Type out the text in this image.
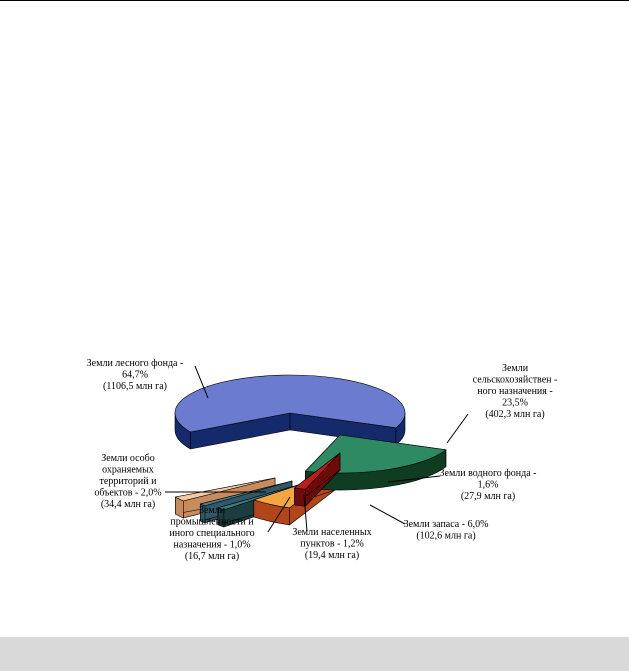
Земли лесного фонда -64,7% (1106,5 млн га)
Земли сельскохозяйствен -ного назначения -23,5% (402,3 млн га)
Земли водного фонда -1,6% (27,9 млн га)
Земли запаса - 6,0% (102,6 млн га)
Земли населенных пунктов - 1,2% (19,4 млн га)
Земли промышленности и иного специального назначения - 1,0% (16,7 млн га)
Земли особо охраняемых территорий и объектов - 2,0% (34,4 млн га)
